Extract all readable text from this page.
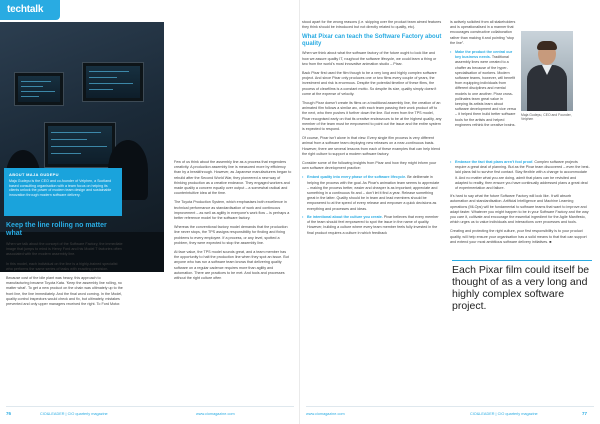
techtalk
ABOUT MAJA GUDEPU
Maja Gudepu is the CEO and co-founder of Velphen, a Scotland based consulting organisation with a team focus on helping its clients unlock the power of modern team design and sustainable innovation through modern software delivery.
Keep the line rolling no matter what

When we talk about the concept of the Software Factory, the immediate image that jumps to mind is Henry Ford and his Model T factories often associated with the modern assembly line.

In this model, each individual on the line is a highly-trained specialist who performs the same series of tasks with exacting precision.

Because cost of the idle plant was heavy, this approach to manufacturing became Toyota Kata. 'Keep the assembly line rolling, no matter what'. To get a new product on the chain was ultimately up to the front line, the line immediately. And the final word coming. In the Model, quality control inspectors would check and fix, but ultimately, mistakes prevented and only upper managers received the right. To Ford Motor.

Few of us think about the assembly line as a process that engenders creativity. A production assembly line is measured more by efficiency than by a breakthrough. However, as Japanese manufacturers began to rebuild after the Second World War, they pioneered a new way of thinking production as a creative endeavor. They engaged workers and made quality a concern equally over output – a somewhat radical and counterintuitive idea at the time.

The Toyota Production System, which emphasises both excellence in technical performance as standardisation of work and continuous improvement – as well as agility in everyone's work flow – is perhaps a better reference model for the software factory.

Whereas the conventional factory model demands that the production line never stops, the TPS assigns responsibility for finding and fixing problems to every employee. If a process, or any level, spotted a problem, they were expected to stop the assembly line.

At face value, the TPS model sounds great, and a team member has the opportunity to halt the production line when they spot an issue. But anyone who has run a software team knows that delivering quality software on a regular cadence requires more than agility and automation. There are practices to be met. And tools and processes without the right culture often

76	CIO&LEADER | CIO quarterly magazine	www.ciomagazine.com

stood apart for the wrong reasons (i.e. skipping over the product team aimed features they think should be introduced but not directly related to quality, etc).

What Pixar can teach the Software Factory about quality

When we think about what the software factory of the future ought to look like and how we assure quality IT, roughout the software lifecycle, we could learn a thing or two from the world's most innovative animation studio – Pixar.

Back Pixar first used the film though to be a very long and highly complex software project. And since Pixar only produces one or two films every couple of years, the investment and risk is enormous. Despite the potential timeline of these films, the process of clearfilms is a constant motto. So despite its size, quality simply doesn't come at the expense of velocity.

Though Pixar doesn't create its films on a traditional assembly line, the creation of an animated film follows a similar arc, with each team passing their work product off to the next, who then pushes it further down the line. But even from the TPS model, Pixar recognised early on that its creative endeavours to be at the highest quality, any member of the team must be empowered to point out the issue and the entire system is expected to respond.

Of course, Pixar isn't alone in that view. Every single film process is very different animal from a software team deploying new releases on a near-continuous basis. However, there are several lessons from each of these examples that can help blend the right culture to support a modern software factory.

Consider some of the following insights from Pixar and how they might inform your own software development practice:

• Embed quality into every phase of the software lifecycle. Be deliberate in helping the process with the goal. As Pixar's animation team seems to appreciate – making the process better, easier and cheaper is as important; appreciate and something in a continuous fix and – don't let it find a year. Release something great in the latter. Quality should be in team and lead members should be empowered to at the speed of every release and empower a quick decisions as everything and processes and ideas.
• Be intentional about the culture you create. Pixar believes that every member of the team should feel empowered to spot the issue in the name of quality. However, building a culture where every team member feels fully invested in the final product requires a culture in which feedback

is actively solicited from all stakeholders and is operationalised in a manner that encourages constructive collaboration rather than making it and pointing "stop the line".

• Make the product the central our key business needs. Traditional assembly lines were created to a chaffer as because of the hyper-specialisation of workers. Modern software teams, however, will benefit from equipping individuals from different disciplines and mental models to one another. Pixar cross-pollinates team great value in keeping its artists learn about software development and vice versa – it helped them build better software tools for the artists and helped engineers rethink the creative brains.
• Embrace the fact that plans aren't fool proof. Complex software projects require a great deal of planning. But as the Pixar team discovered – even the best-laid plans fail to survive first contact. Stay flexible with a change to accommodate it. And no matter what you are doing, admit that plans can be revisited and adapted to reality, then ensure you have continually addressed plans a great deal of experimentation and failure.

It's hard to say what the future Software Factory will look like. It will absorb automation and standardisation. Artificial Intelligence and Machine Learning operations (MLOps) will be fundamental to software teams that want to improve and adapt faster. Whatever you might happen to be in your Software Factory and the way you care it, cultivate and encourage the essential ingredient for the Agile Manifesto, which urges us to value individuals and interactions over processes and tools.

Creating and protecting the right culture, your first responsibility is to your product quality, will help ensure your organisation has a solid means to that that can support and extend your most ambitious software delivery initiatives. ■

Maja Gudepu, CEO and Founder, Velphen
Each Pixar film could itself be thought of as a very long and highly complex software project.
www.ciomagazine.com	CIO&LEADER | CIO quarterly magazine	77
